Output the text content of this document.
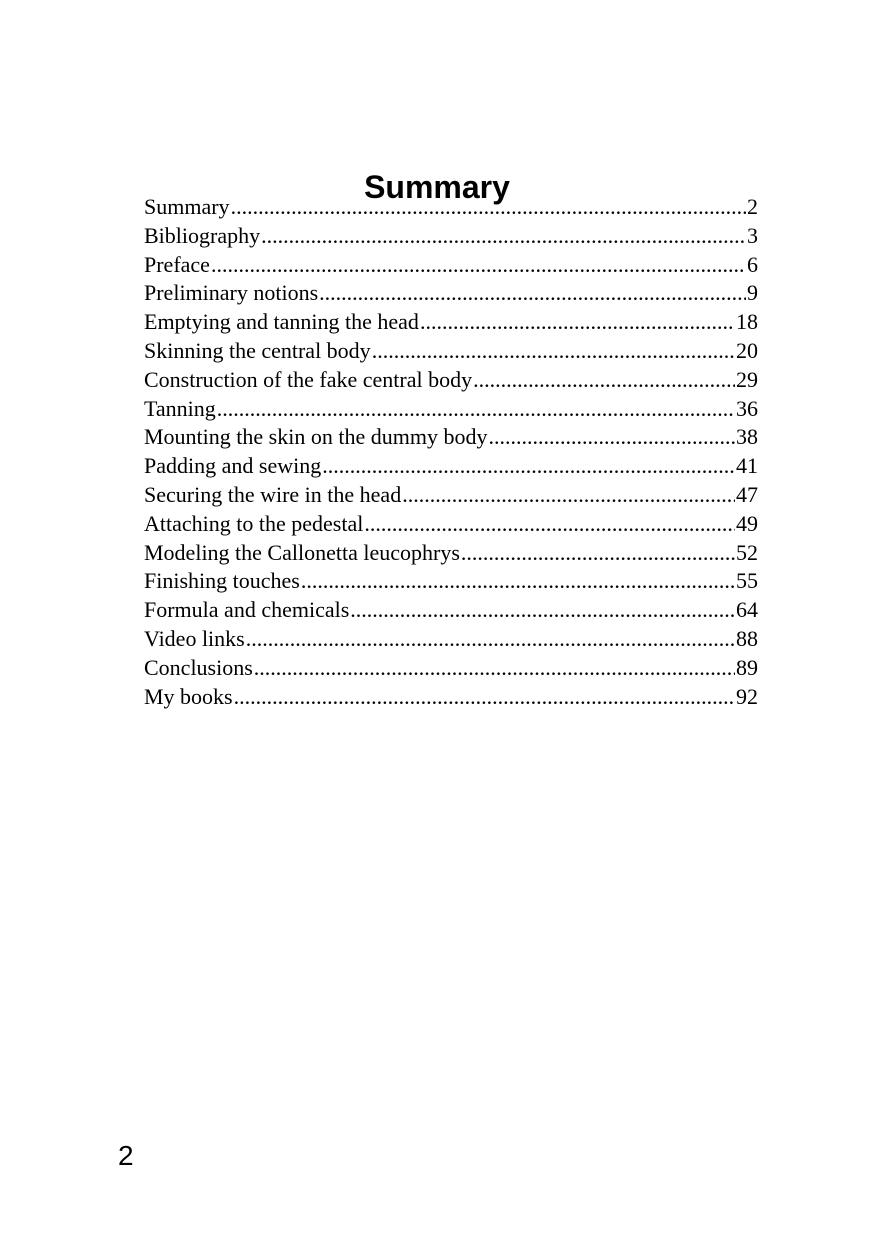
Summary
Summary .....	2
Bibliography .....	3
Preface .....	6
Preliminary notions .....	9
Emptying and tanning the head .....	18
Skinning the central body .....	20
Construction of the fake central body .....	29
Tanning .....	36
Mounting the skin on the dummy body .....	38
Padding and sewing .....	41
Securing the wire in the head .....	47
Attaching to the pedestal .....	49
Modeling the Callonetta leucophrys .....	52
Finishing touches .....	55
Formula and chemicals .....	64
Video links .....	88
Conclusions .....	89
My books .....	92
2
